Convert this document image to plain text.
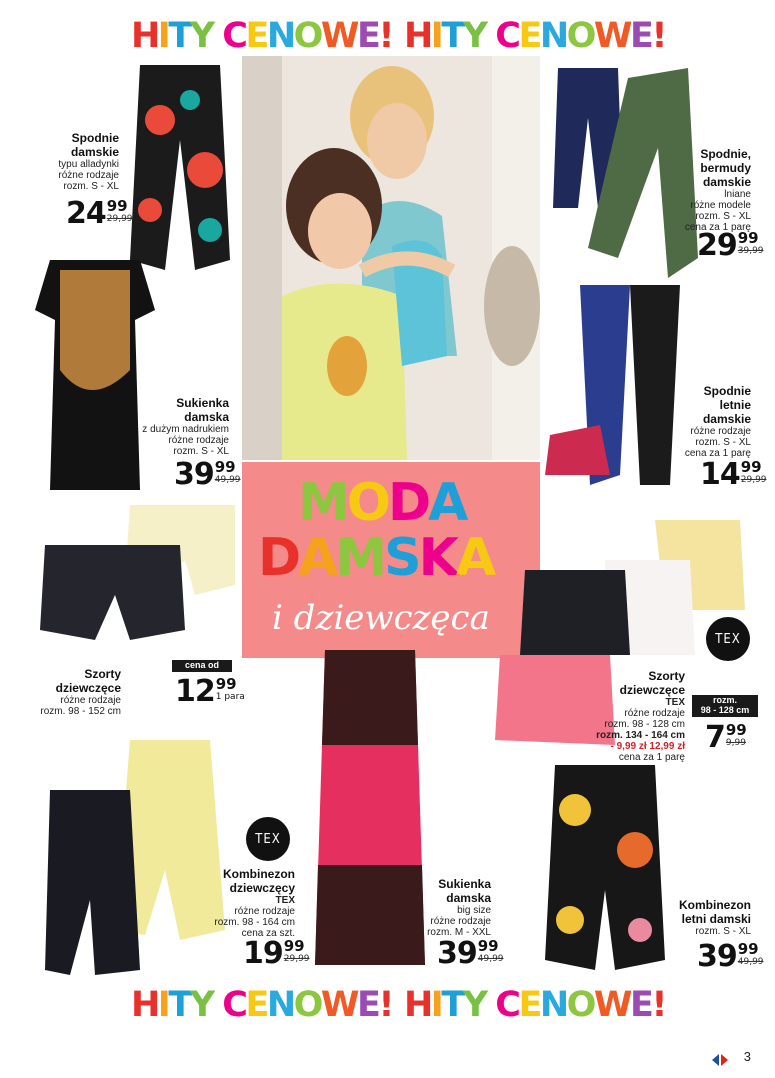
H I T Y
C E N O W E ! H I T Y
C E N O W E !
H I T Y
C E N O W E ! H I T Y
C E N O W E !
M O D A
D A M S K A
i dziewczęca
TEX
TEX
Spodnie
damskie
typu alladynki
różne rodzaje
rozm. S - XL
24 99
29,99
Spodnie,
bermudy
damskie
lniane
różne modele
rozm. S - XL
cena za 1 parę
29 99
39,99
Sukienka
damska
z dużym nadrukiem
różne rodzaje
rozm. S - XL
39 99
49,99
Spodnie
letnie
damskie
różne rodzaje
rozm. S - XL
cena za 1 parę
14 99
29,99
Szorty
dziewczęce
różne rodzaje
rozm. 98 - 152 cm
cena od
12 99
1 para
Szorty
dziewczęce
TEX
różne rodzaje
rozm. 98 - 128 cm
rozm. 134 - 164 cm
- 9,99 zł 12,99 zł
cena za 1 parę
rozm.
98 - 128 cm
7 99
9,99
Kombinezon
dziewczęcy
TEX
różne rodzaje
rozm. 98 - 164 cm
cena za szt.
19 99
29,99
Sukienka
damska
big size
różne rodzaje
rozm. M - XXL
39 99
49,99
Kombinezon
letni damski
rozm. S - XL
39 99
49,99
3
